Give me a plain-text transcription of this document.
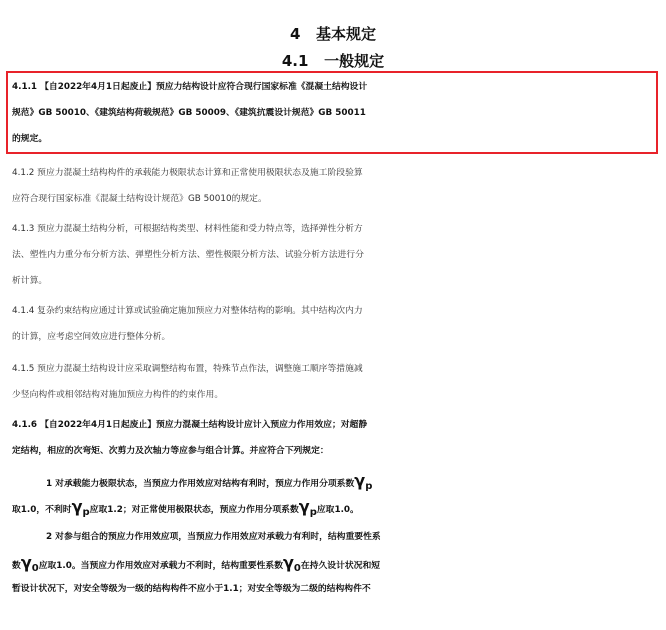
4   基本规定
4.1   一般规定
4.1.1 【自2022年4月1日起废止】预应力结构设计应符合现行国家标准《混凝土结构设计
规范》GB 50010、《建筑结构荷载规范》GB 50009、《建筑抗震设计规范》GB 50011
的规定。
4.1.2 预应力混凝土结构构件的承载能力极限状态计算和正常使用极限状态及施工阶段验算
应符合现行国家标准《混凝土结构设计规范》GB 50010的规定。
4.1.3 预应力混凝土结构分析，可根据结构类型、材料性能和受力特点等，选择弹性分析方
法、塑性内力重分布分析方法、弹塑性分析方法、塑性极限分析方法、试验分析方法进行分
析计算。
4.1.4 复杂约束结构应通过计算或试验确定施加预应力对整体结构的影响。其中结构次内力
的计算，应考虑空间效应进行整体分析。
4.1.5 预应力混凝土结构设计应采取调整结构布置，特殊节点作法，调整施工顺序等措施减
少竖向构件或相邻结构对施加预应力构件的约束作用。
4.1.6 【自2022年4月1日起废止】预应力混凝土结构设计应计入预应力作用效应；对超静
定结构，相应的次弯矩、次剪力及次轴力等应参与组合计算。并应符合下列规定：
1 对承载能力极限状态，当预应力作用效应对结构有利时，预应力作用分项系数γp
取1.0，不利时γp应取1.2；对正常使用极限状态，预应力作用分项系数γp应取1.0。
2 对参与组合的预应力作用效应项，当预应力作用效应对承载力有利时，结构重要性系
数γ0应取1.0。当预应力作用效应对承载力不利时，结构重要性系数γ0在持久设计状况和短
暂设计状况下，对安全等级为一级的结构构件不应小于1.1；对安全等级为二级的结构构件不
